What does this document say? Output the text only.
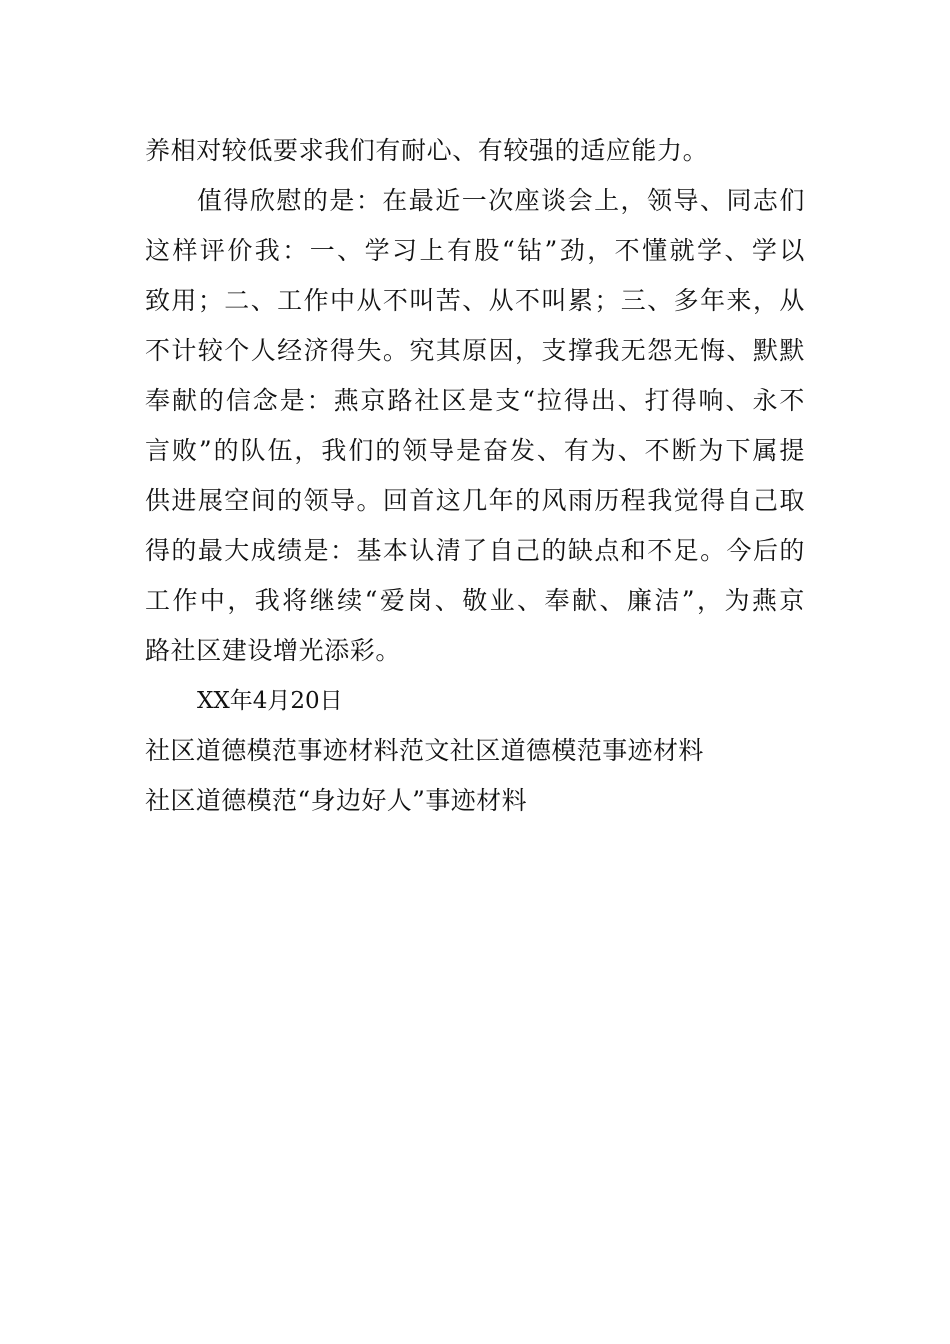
养相对较低要求我们有耐心、有较强的适应能力。
值得欣慰的是：在最近一次座谈会上，领导、同志们
这样评价我：一、学习上有股“钻”劲，不懂就学、学以
致用；二、工作中从不叫苦、从不叫累；三、多年来，从
不计较个人经济得失。究其原因，支撑我无怨无悔、默默
奉献的信念是：燕京路社区是支“拉得出、打得响、永不
言败”的队伍，我们的领导是奋发、有为、不断为下属提
供进展空间的领导。回首这几年的风雨历程我觉得自己取
得的最大成绩是：基本认清了自己的缺点和不足。今后的
工作中，我将继续“爱岗、敬业、奉献、廉洁”，为燕京
路社区建设增光添彩。
XX年4月20日
社区道德模范事迹材料范文社区道德模范事迹材料
社区道德模范“身边好人”事迹材料
